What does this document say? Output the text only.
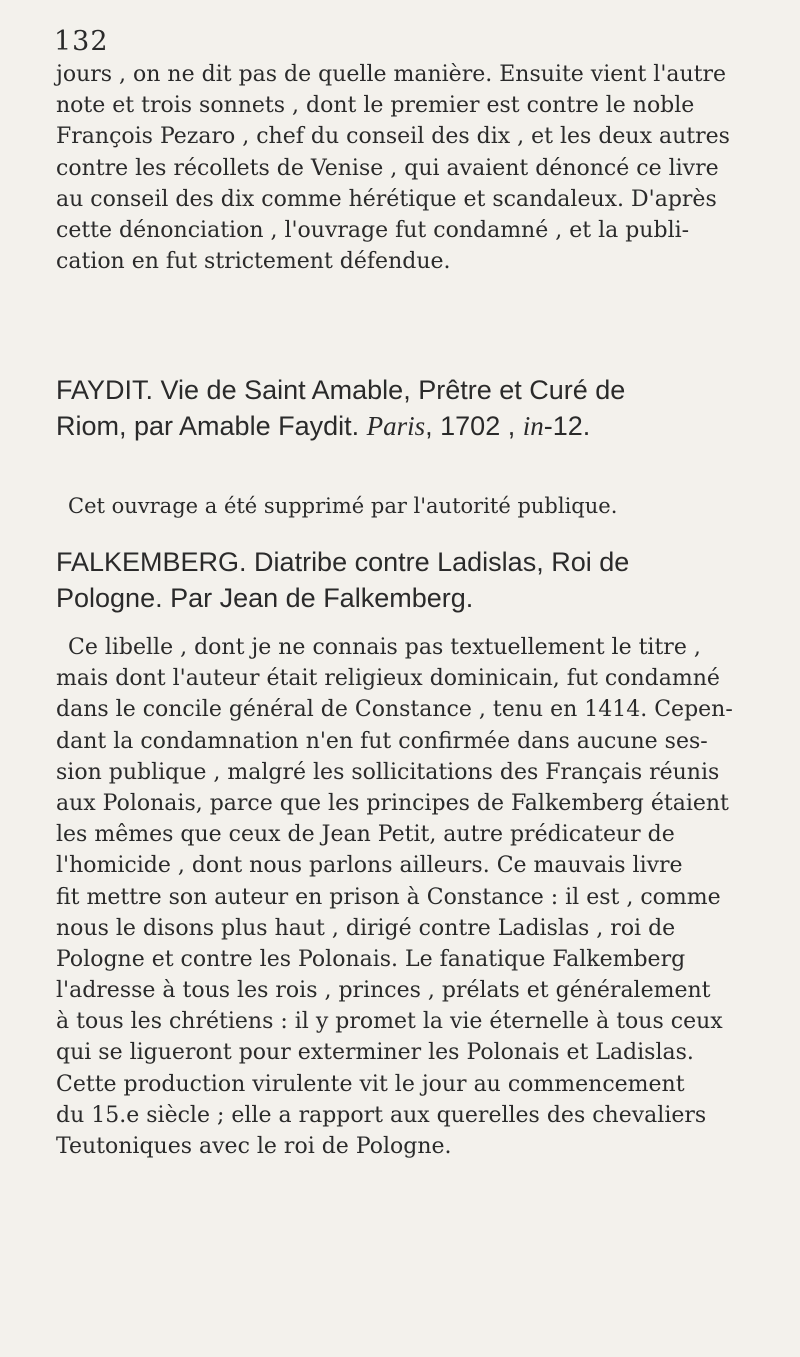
132
jours , on ne dit pas de quelle manière. Ensuite vient l'autre
note et trois sonnets , dont le premier est contre le noble
François Pezaro , chef du conseil des dix , et les deux autres
contre les récollets de Venise , qui avaient dénoncé ce livre
au conseil des dix comme hérétique et scandaleux. D'après
cette dénonciation , l'ouvrage fut condamné , et la publi-
cation en fut strictement défendue.
FAYDIT. Vie de Saint Amable, Prêtre et Curé de
Riom, par Amable Faydit. Paris, 1702 , in-12.
Cet ouvrage a été supprimé par l'autorité publique.
FALKEMBERG. Diatribe contre Ladislas, Roi de
Pologne. Par Jean de Falkemberg.
Ce libelle , dont je ne connais pas textuellement le titre ,
mais dont l'auteur était religieux dominicain, fut condamné
dans le concile général de Constance , tenu en 1414. Cepen-
dant la condamnation n'en fut confirmée dans aucune ses-
sion publique , malgré les sollicitations des Français réunis
aux Polonais, parce que les principes de Falkemberg étaient
les mêmes que ceux de Jean Petit, autre prédicateur de
l'homicide , dont nous parlons ailleurs. Ce mauvais livre
fit mettre son auteur en prison à Constance : il est , comme
nous le disons plus haut , dirigé contre Ladislas , roi de
Pologne et contre les Polonais. Le fanatique Falkemberg
l'adresse à tous les rois , princes , prélats et généralement
à tous les chrétiens : il y promet la vie éternelle à tous ceux
qui se ligueront pour exterminer les Polonais et Ladislas.
Cette production virulente vit le jour au commencement
du 15.e siècle ; elle a rapport aux querelles des chevaliers
Teutoniques avec le roi de Pologne.
